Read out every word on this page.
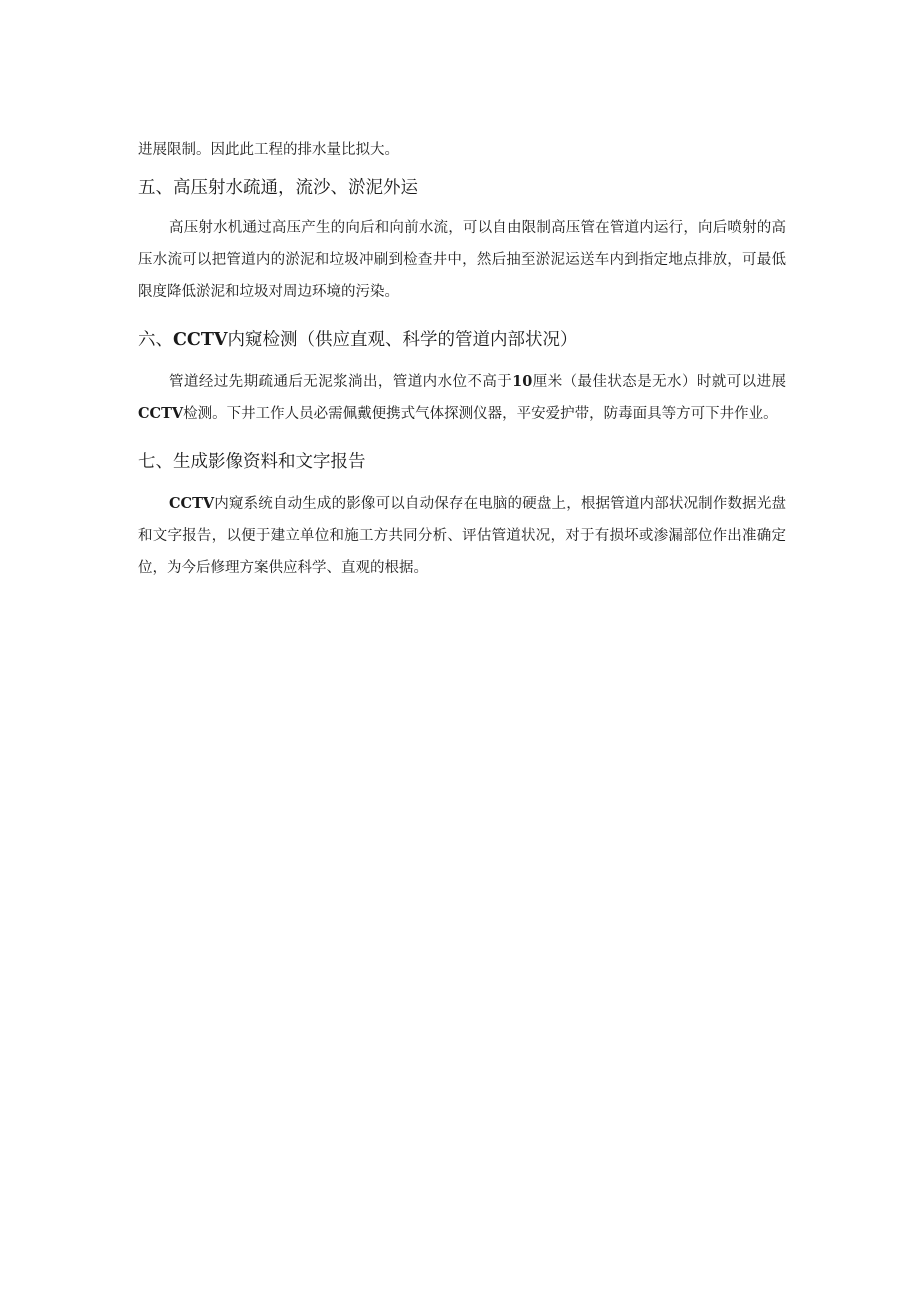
进展限制。因此此工程的排水量比拟大。

五、高压射水疏通，流沙、淤泥外运

高压射水机通过高压产生的向后和向前水流，可以自由限制高压管在管道内运行，向后喷射的高压水流可以把管道内的淤泥和垃圾冲刷到检查井中，然后抽至淤泥运送车内到指定地点排放，可最低限度降低淤泥和垃圾对周边环境的污染。

六、CCTV内窥检测（供应直观、科学的管道内部状况）

管道经过先期疏通后无泥浆淌出，管道内水位不高于10厘米（最佳状态是无水）时就可以进展CCTV检测。下井工作人员必需佩戴便携式气体探测仪器，平安爱护带，防毒面具等方可下井作业。

七、生成影像资料和文字报告

CCTV内窥系统自动生成的影像可以自动保存在电脑的硬盘上，根据管道内部状况制作数据光盘和文字报告，以便于建立单位和施工方共同分析、评估管道状况，对于有损坏或渗漏部位作出准确定位，为今后修理方案供应科学、直观的根据。
